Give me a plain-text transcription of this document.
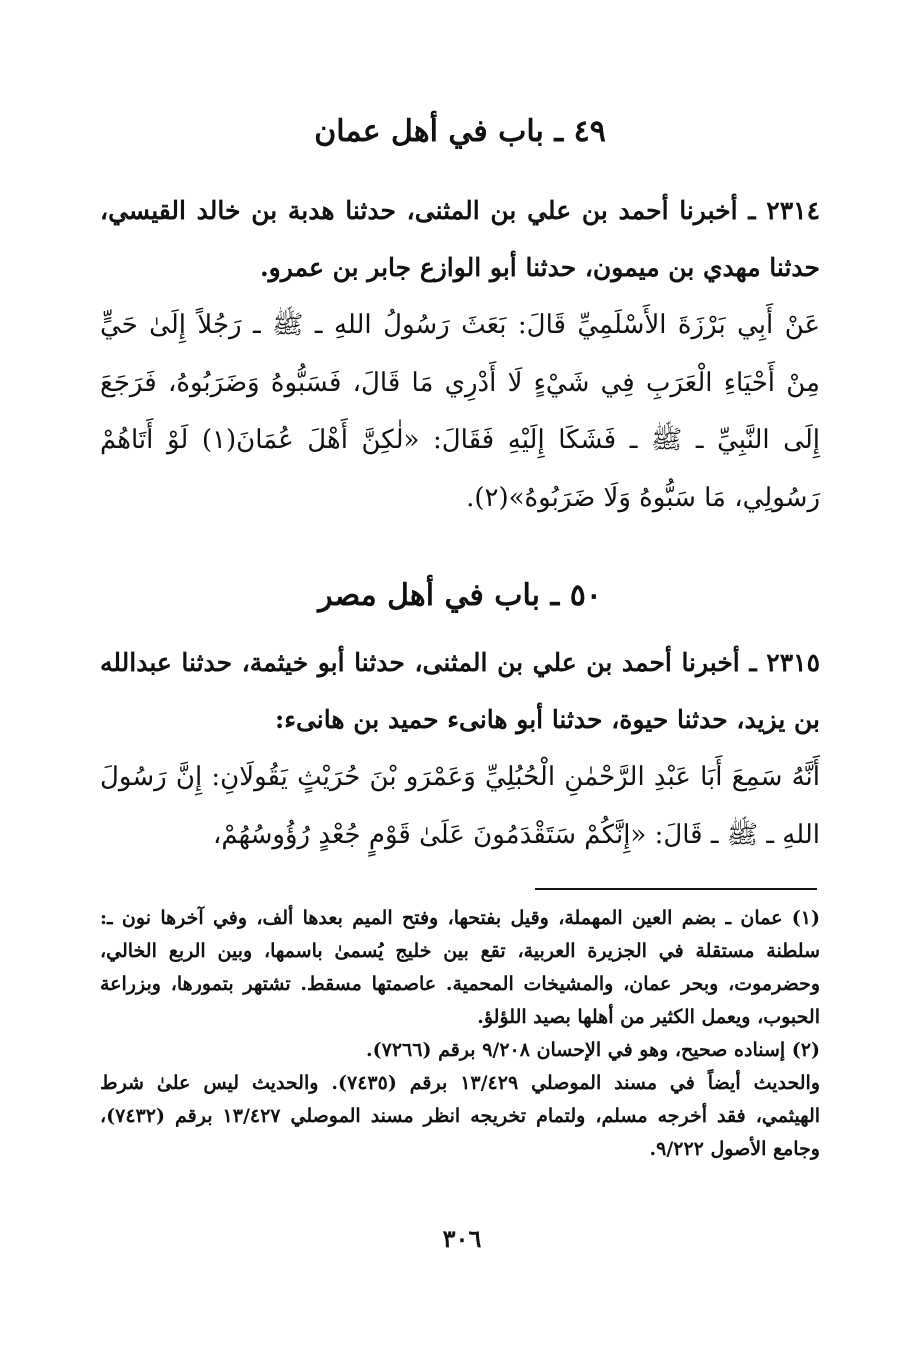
٤٩ ـ باب في أهل عمان

٢٣١٤ ـ أخبرنا أحمد بن علي بن المثنى، حدثنا هدبة بن خالد القيسي، حدثنا مهدي بن ميمون، حدثنا أبو الوازع جابر بن عمرو.

عَنْ أَبِي بَرْزَةَ الأَسْلَمِيِّ قَالَ: بَعَثَ رَسُولُ اللهِ ـ ﷺ ـ رَجُلاً إِلَىٰ حَيٍّ مِنْ أَحْيَاءِ الْعَرَبِ فِي شَيْءٍ لَا أَدْرِي مَا قَالَ، فَسَبُّوهُ وَضَرَبُوهُ، فَرَجَعَ إِلَى النَّبِيِّ ـ ﷺ ـ فَشَكَا إِلَيْهِ فَقَالَ: «لٰكِنَّ أَهْلَ عُمَانَ(١) لَوْ أَتَاهُمْ رَسُولِي، مَا سَبُّوهُ وَلَا ضَرَبُوهُ»(٢).

٥٠ ـ باب في أهل مصر

٢٣١٥ ـ أخبرنا أحمد بن علي بن المثنى، حدثنا أبو خيثمة، حدثنا عبدالله بن يزيد، حدثنا حيوة، حدثنا أبو هانىء حميد بن هانىء:

أَنَّهُ سَمِعَ أَبَا عَبْدِ الرَّحْمٰنِ الْحُبُلِيِّ وَعَمْرَو بْنَ حُرَيْثٍ يَقُولَانِ: إِنَّ رَسُولَ اللهِ ـ ﷺ ـ قَالَ: «إِنَّكُمْ سَتَقْدَمُونَ عَلَىٰ قَوْمٍ جُعْدٍ رُؤُوسُهُمْ،

(١) عمان ـ بضم العين المهملة، وقيل بفتحها، وفتح الميم بعدها ألف، وفي آخرها نون ـ: سلطنة مستقلة في الجزيرة العربية، تقع بين خليج يُسمىٰ باسمها، وبين الربع الخالي، وحضرموت، وبحر عمان، والمشيخات المحمية. عاصمتها مسقط. تشتهر بتمورها، وبزراعة الحبوب، ويعمل الكثير من أهلها بصيد اللؤلؤ.

(٢) إسناده صحيح، وهو في الإحسان ٩/٢٠٨ برقم (٧٢٦٦).

والحديث أيضاً في مسند الموصلي ١٣/٤٢٩ برقم (٧٤٣٥). والحديث ليس علىٰ شرط الهيثمي، فقد أخرجه مسلم، ولتمام تخريجه انظر مسند الموصلي ١٣/٤٢٧ برقم (٧٤٣٢)، وجامع الأصول ٩/٢٢٢.

٣٠٦
